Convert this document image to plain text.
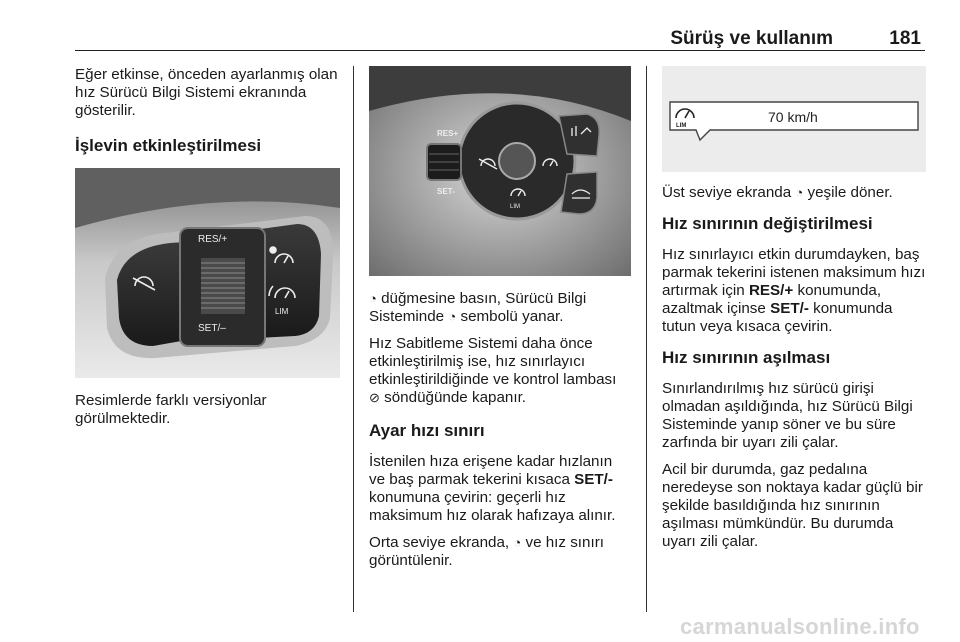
Sürüş ve kullanım	181

Eğer etkinse, önceden ayarlanmış olan hız Sürücü Bilgi Sistemi ekranında gösterilir.

İşlevin etkinleştirilmesi
RES/+
SET/–
LIM

Resimlerde farklı versiyonlar görülmektedir.

RES+
SET-
LIM

◔ düğmesine basın, Sürücü Bilgi Sisteminde ◔ sembolü yanar.

Hız Sabitleme Sistemi daha önce etkinleştirilmiş ise, hız sınırlayıcı etkinleştirildiğinde ve kontrol lambası ⊘ söndüğünde kapanır.

Ayar hızı sınırı

İstenilen hıza erişene kadar hızlanın ve baş parmak tekerini kısaca SET/- konumuna çevirin: geçerli hız maksimum hız olarak hafızaya alınır.

Orta seviye ekranda, ◔ ve hız sınırı görüntülenir.

LIM
70 km/h

Üst seviye ekranda ◔ yeşile döner.

Hız sınırının değiştirilmesi

Hız sınırlayıcı etkin durumdayken, baş parmak tekerini istenen maksimum hızı artırmak için RES/+ konumunda, azaltmak içinse SET/- konumunda tutun veya kısaca çevirin.

Hız sınırının aşılması

Sınırlandırılmış hız sürücü girişi olmadan aşıldığında, hız Sürücü Bilgi Sisteminde yanıp söner ve bu süre zarfında bir uyarı zili çalar.

Acil bir durumda, gaz pedalına neredeyse son noktaya kadar güçlü bir şekilde basıldığında hız sınırının aşılması mümkündür. Bu durumda uyarı zili çalar.

carmanualsonline.info
